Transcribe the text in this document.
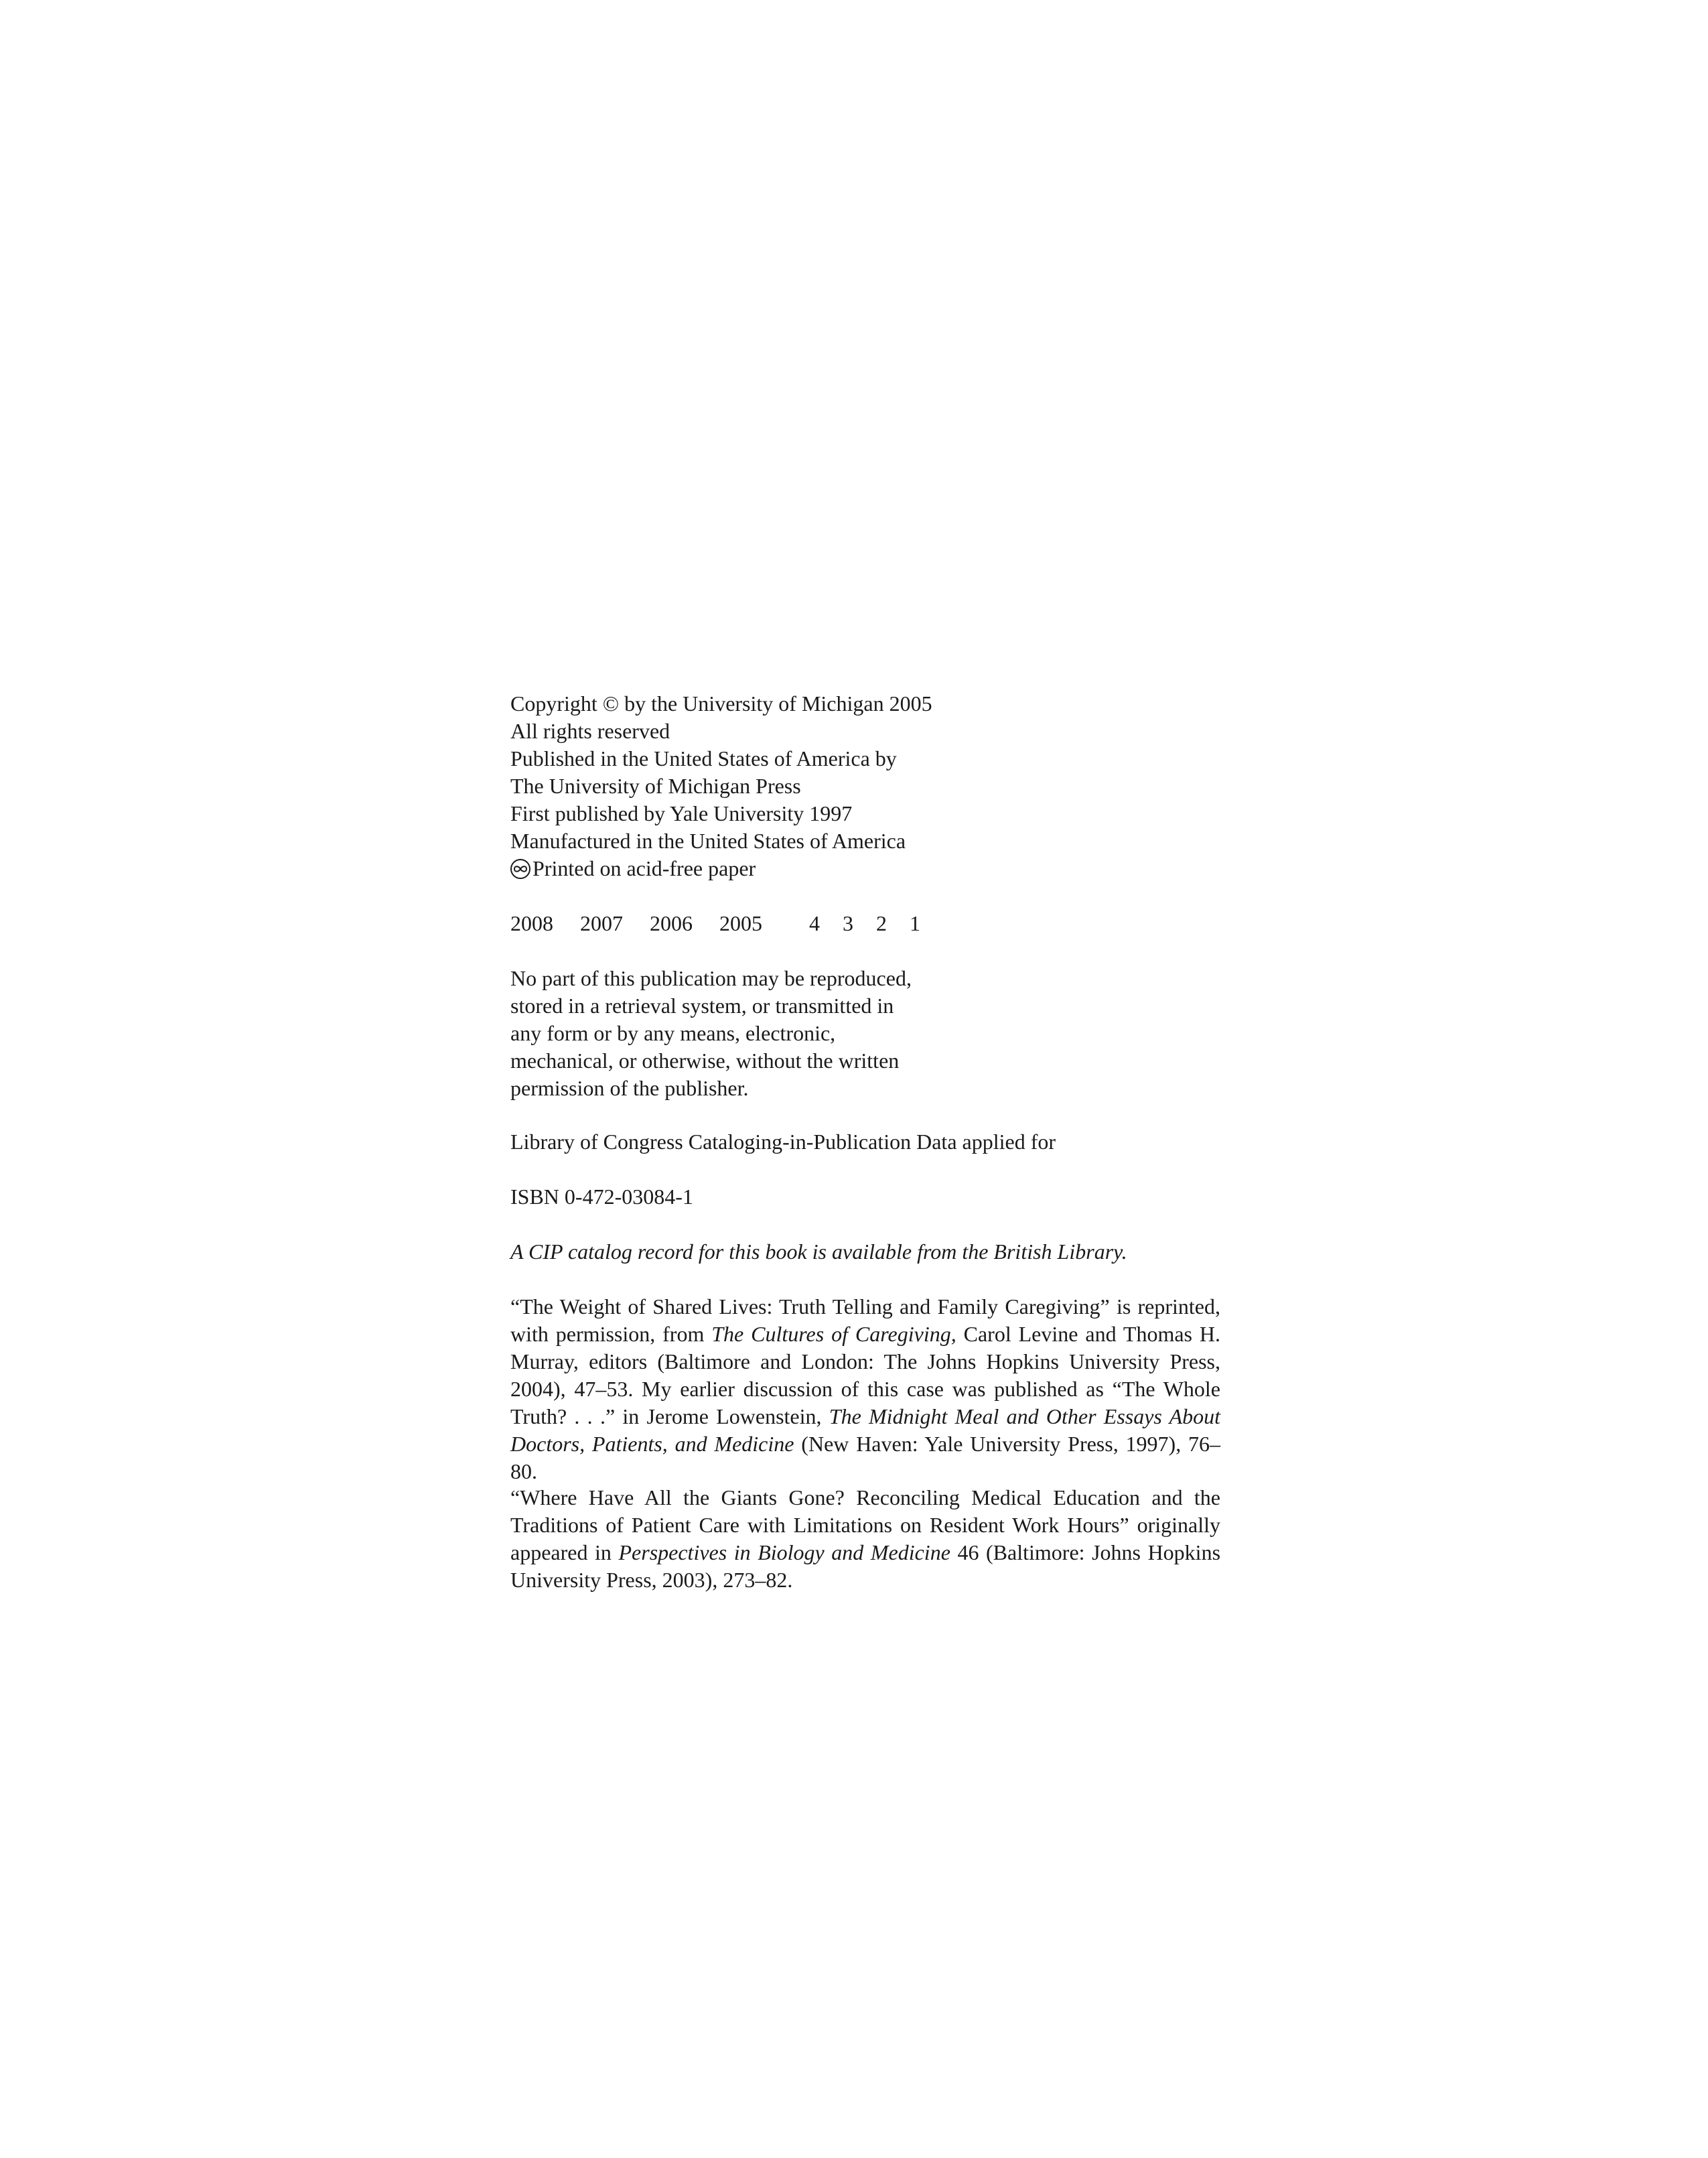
Copyright © by the University of Michigan 2005
All rights reserved
Published in the United States of America by
The University of Michigan Press
First published by Yale University 1997
Manufactured in the United States of America
Printed on acid-free paper
2008 2007 2006 2005 4 3 2 1
No part of this publication may be reproduced,
stored in a retrieval system, or transmitted in
any form or by any means, electronic,
mechanical, or otherwise, without the written
permission of the publisher.
Library of Congress Cataloging-in-Publication Data applied for
ISBN 0-472-03084-1
A CIP catalog record for this book is available from the British Library.
“The Weight of Shared Lives: Truth Telling and Family Caregiving” is reprinted, with permission, from The Cultures of Caregiving, Carol Levine and Thomas H. Murray, editors (Baltimore and London: The Johns Hopkins University Press, 2004), 47–53. My earlier discussion of this case was published as “The Whole Truth? . . .” in Jerome Lowenstein, The Midnight Meal and Other Essays About Doctors, Patients, and Medicine (New Haven: Yale University Press, 1997), 76–80.
“Where Have All the Giants Gone? Reconciling Medical Education and the Traditions of Patient Care with Limitations on Resident Work Hours” originally appeared in Perspectives in Biology and Medicine 46 (Baltimore: Johns Hopkins University Press, 2003), 273–82.
